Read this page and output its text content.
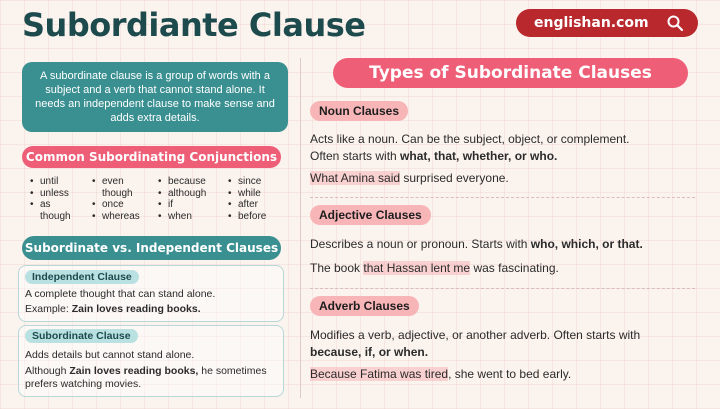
Subordiante Clause	englishan.com
A subordinate clause is a group of words with a subject and a verb that cannot stand alone. It needs an independent clause to make sense and adds extra details.
Common Subordinating Conjunctions
• until
• unless
• as
though
• even
though
• once
• whereas
• because
• although
• if
• when
• since
• while
• after
• before
Subordinate vs. Independent Clauses
Independent Clause
A complete thought that can stand alone.
Example: Zain loves reading books.
Subordinate Clause
Adds details but cannot stand alone.
Although Zain loves reading books, he sometimes
prefers watching movies.
Types of Subordinate Clauses
Noun Clauses
Acts like a noun. Can be the subject, object, or complement.
Often starts with what, that, whether, or who.
What Amina said surprised everyone.
Adjective Clauses
Describes a noun or pronoun. Starts with who, which, or that.
The book that Hassan lent me was fascinating.
Adverb Clauses
Modifies a verb, adjective, or another adverb. Often starts with
because, if, or when.
Because Fatima was tired, she went to bed early.
